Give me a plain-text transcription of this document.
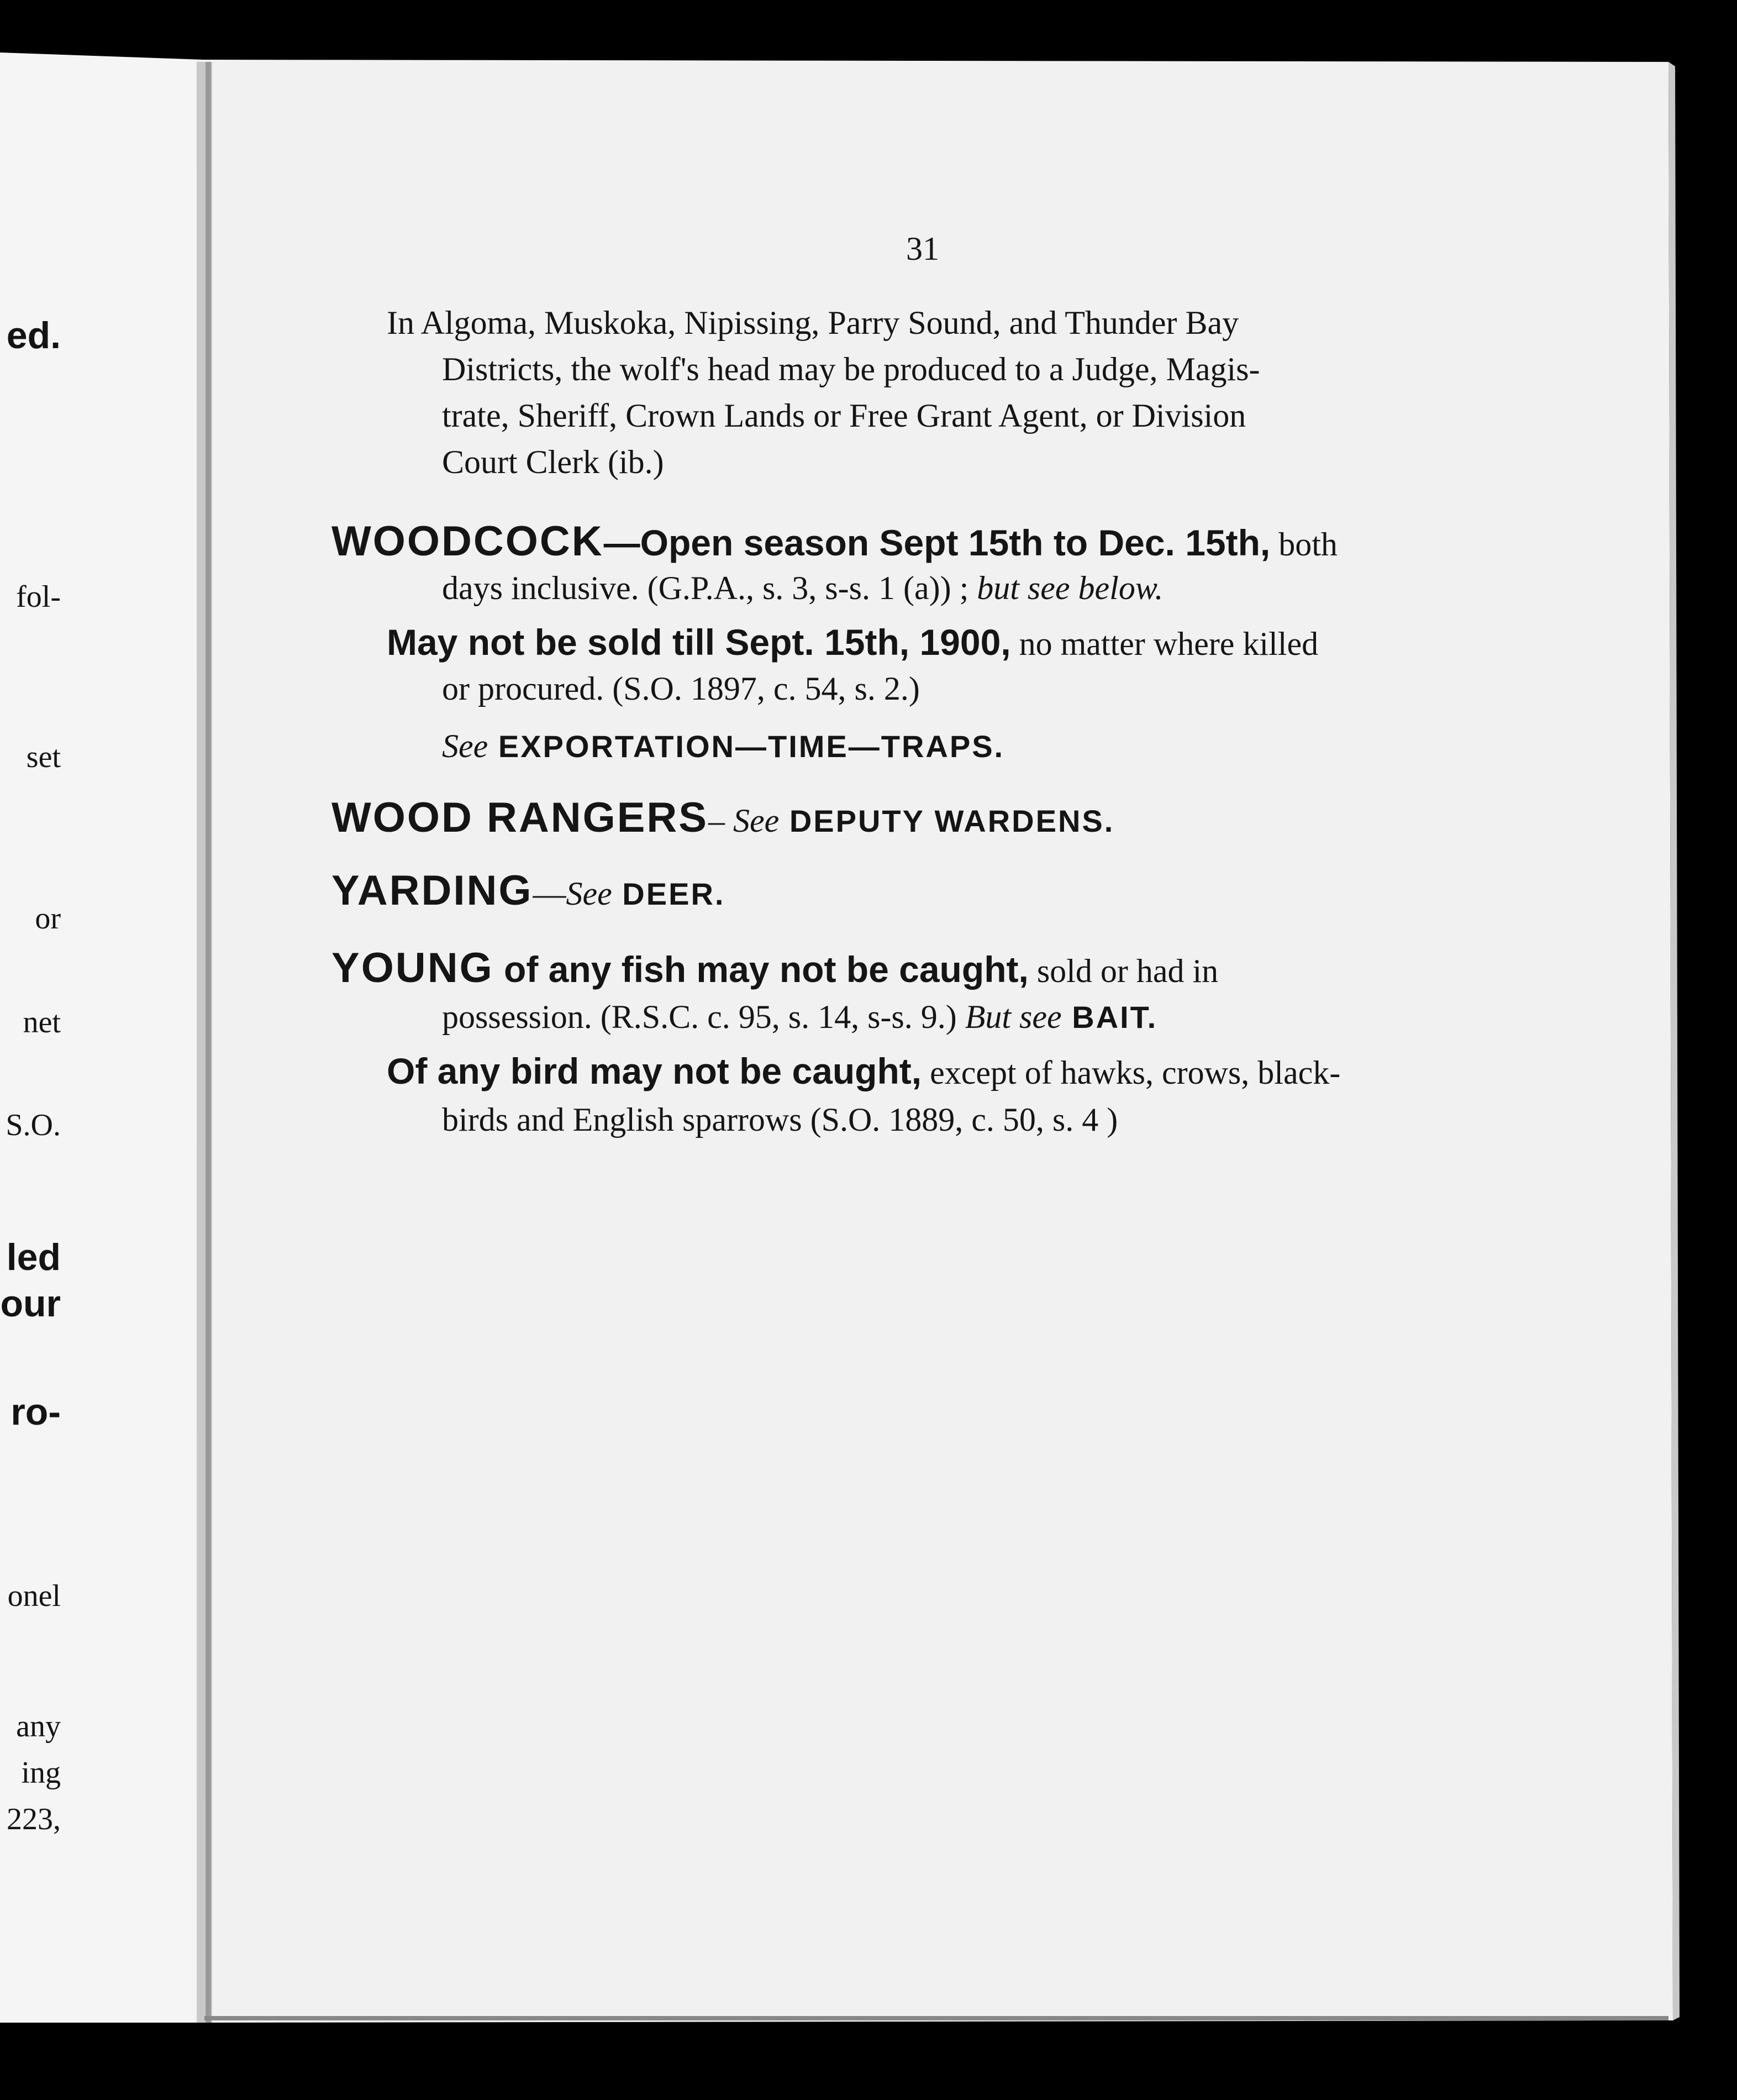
ed.
fol-
set
or
net
S.O.
led
our
ro-
onel
any
ing
223,
31
In Algoma, Muskoka, Nipissing, Parry Sound, and Thunder Bay
Districts, the wolf's head may be produced to a Judge, Magis-
trate, Sheriff, Crown Lands or Free Grant Agent, or Division
Court Clerk (ib.)
WOODCOCK—Open season Sept 15th to Dec. 15th, both
days inclusive. (G.P.A., s. 3, s-s. 1 (a)) ; but see below.
May not be sold till Sept. 15th, 1900, no matter where killed
or procured. (S.O. 1897, c. 54, s. 2.)
See EXPORTATION—TIME—TRAPS.
WOOD RANGERS– See DEPUTY WARDENS.
YARDING—See DEER.
YOUNG of any fish may not be caught, sold or had in
possession. (R.S.C. c. 95, s. 14, s-s. 9.) But see BAIT.
Of any bird may not be caught, except of hawks, crows, black-
birds and English sparrows (S.O. 1889, c. 50, s. 4 )
